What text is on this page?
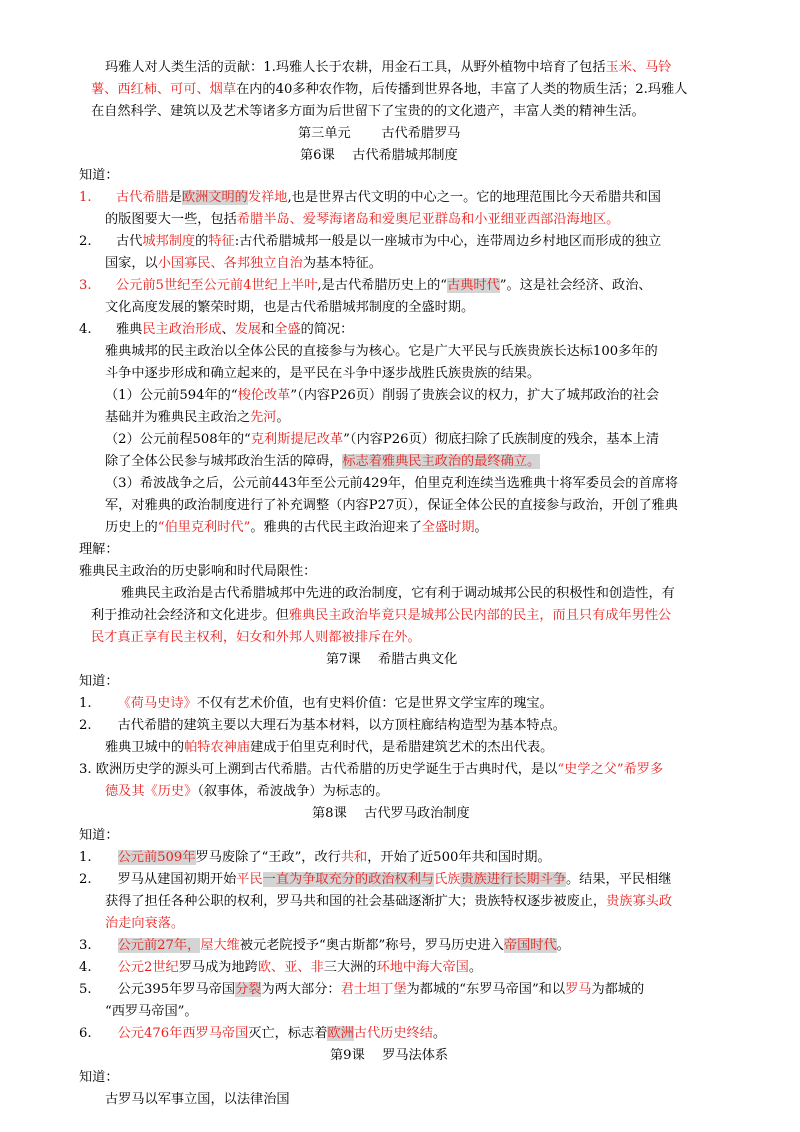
玛雅人对人类生活的贡献：1.玛雅人长于农耕，用金石工具，从野外植物中培育了包括玉米、马铃
薯、西红柿、可可、烟草在内的40多种农作物，后传播到世界各地，丰富了人类的物质生活；2.玛雅人
在自然科学、建筑以及艺术等诸多方面为后世留下了宝贵的的文化遗产，丰富人类的精神生活。
第三单元　　 古代希腊罗马
第6课　 古代希腊城邦制度
知道：
1. 古代希腊是欧洲文明的发祥地,也是世界古代文明的中心之一。它的地理范围比今天希腊共和国
的版图要大一些，包括希腊半岛、爱琴海诸岛和爱奥尼亚群岛和小亚细亚西部沿海地区。
2. 古代城邦制度的特征:古代希腊城邦一般是以一座城市为中心，连带周边乡村地区而形成的独立
国家，以小国寡民、各邦独立自治为基本特征。
3. 公元前5世纪至公元前4世纪上半叶,是古代希腊历史上的“古典时代”。这是社会经济、政治、
文化高度发展的繁荣时期，也是古代希腊城邦制度的全盛时期。
4. 雅典民主政治形成、发展和全盛的简况：
雅典城邦的民主政治以全体公民的直接参与为核心。它是广大平民与氏族贵族长达标100多年的
斗争中逐步形成和确立起来的，是平民在斗争中逐步战胜氏族贵族的结果。
（1）公元前594年的“梭伦改革”（内容P26页）削弱了贵族会议的权力，扩大了城邦政治的社会
基础并为雅典民主政治之先河。
（2）公元前程508年的“克利斯提尼改革”（内容P26页）彻底扫除了氏族制度的残余，基本上清
除了全体公民参与城邦政治生活的障碍，标志着雅典民主政治的最终确立。
（3）希波战争之后，公元前443年至公元前429年，伯里克利连续当选雅典十将军委员会的首席将
军，对雅典的政治制度进行了补充调整（内容P27页），保证全体公民的直接参与政治，开创了雅典
历史上的“伯里克利时代”。雅典的古代民主政治迎来了全盛时期。
理解：
雅典民主政治的历史影响和时代局限性：
雅典民主政治是古代希腊城邦中先进的政治制度，它有利于调动城邦公民的积极性和创造性，有
利于推动社会经济和文化进步。但雅典民主政治毕竟只是城邦公民内部的民主，而且只有成年男性公
民才真正享有民主权利，妇女和外邦人则都被排斥在外。
第7课　 希腊古典文化
知道：
1. 《荷马史诗》不仅有艺术价值，也有史料价值：它是世界文学宝库的瑰宝。
2. 古代希腊的建筑主要以大理石为基本材料，以方顶柱廊结构造型为基本特点。
雅典卫城中的帕特农神庙建成于伯里克利时代，是希腊建筑艺术的杰出代表。
3. 欧洲历史学的源头可上溯到古代希腊。古代希腊的历史学诞生于古典时代，是以“史学之父”希罗多
德及其《历史》（叙事体，希波战争）为标志的。
第8课　 古代罗马政治制度
知道：
1. 公元前509年罗马废除了“王政”，改行共和，开始了近500年共和国时期。
2. 罗马从建国初期开始平民一直为争取充分的政治权利与氏族贵族进行长期斗争。结果，平民相继
获得了担任各种公职的权利，罗马共和国的社会基础逐渐扩大；贵族特权逐步被废止，贵族寡头政
治走向衰落。
3. 公元前27年，屋大维被元老院授予“奥古斯都”称号，罗马历史进入帝国时代。
4. 公元2世纪罗马成为地跨欧、亚、非三大洲的环地中海大帝国。
5. 公元395年罗马帝国分裂为两大部分：君士坦丁堡为都城的“东罗马帝国”和以罗马为都城的
“西罗马帝国”。
6. 公元476年西罗马帝国灭亡，标志着欧洲古代历史终结。
第9课　 罗马法体系
知道：
古罗马以军事立国，以法律治国
